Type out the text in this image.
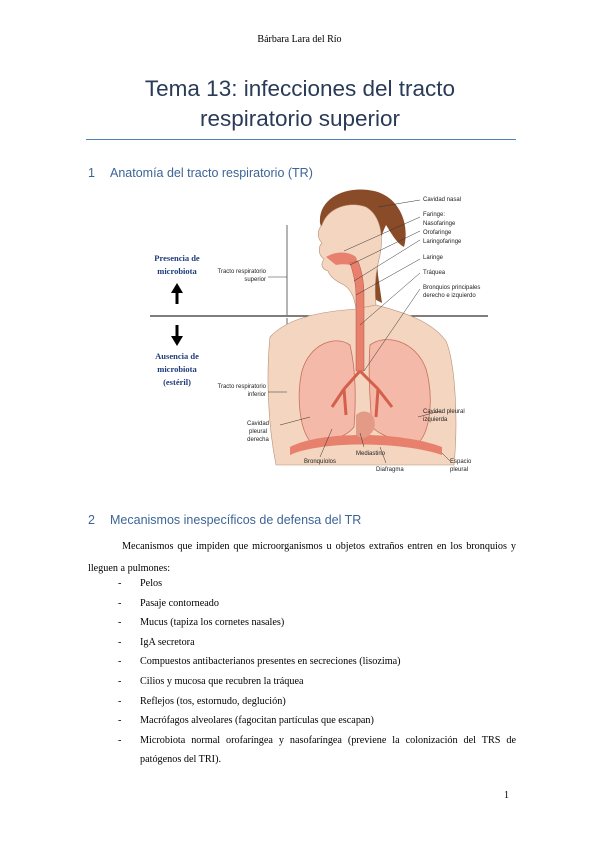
Bárbara Lara del Río
Tema 13: infecciones del tracto
respiratorio superior
1 Anatomía del tracto respiratorio (TR)
Presencia de
microbiota
Ausencia de
microbiota
(estéril)
Cavidad nasal
Faringe:
Nasofaringe
Orofaringe
Laringofaringe
Laringe
Tráquea
Bronquios principales
derecho e izquierdo
Tracto respiratorio
superior
Tracto respiratorio
inferior
Cavidad
pleural
derecha
Cavidad pleural
izquierda
Mediastino
Bronquíolos
Diafragma
Espacio
pleural
2 Mecanismos inespecíficos de defensa del TR
Mecanismos que impiden que microorganismos u objetos extraños entren en los bronquios y lleguen a pulmones:
- Pelos
- Pasaje contorneado
- Mucus (tapiza los cornetes nasales)
- IgA secretora
- Compuestos antibacterianos presentes en secreciones (lisozima)
- Cilios y mucosa que recubren la tráquea
- Reflejos (tos, estornudo, deglución)
- Macrófagos alveolares (fagocitan partículas que escapan)
- Microbiota normal orofaríngea y nasofaríngea (previene la colonización del TRS de patógenos del TRI).
1
